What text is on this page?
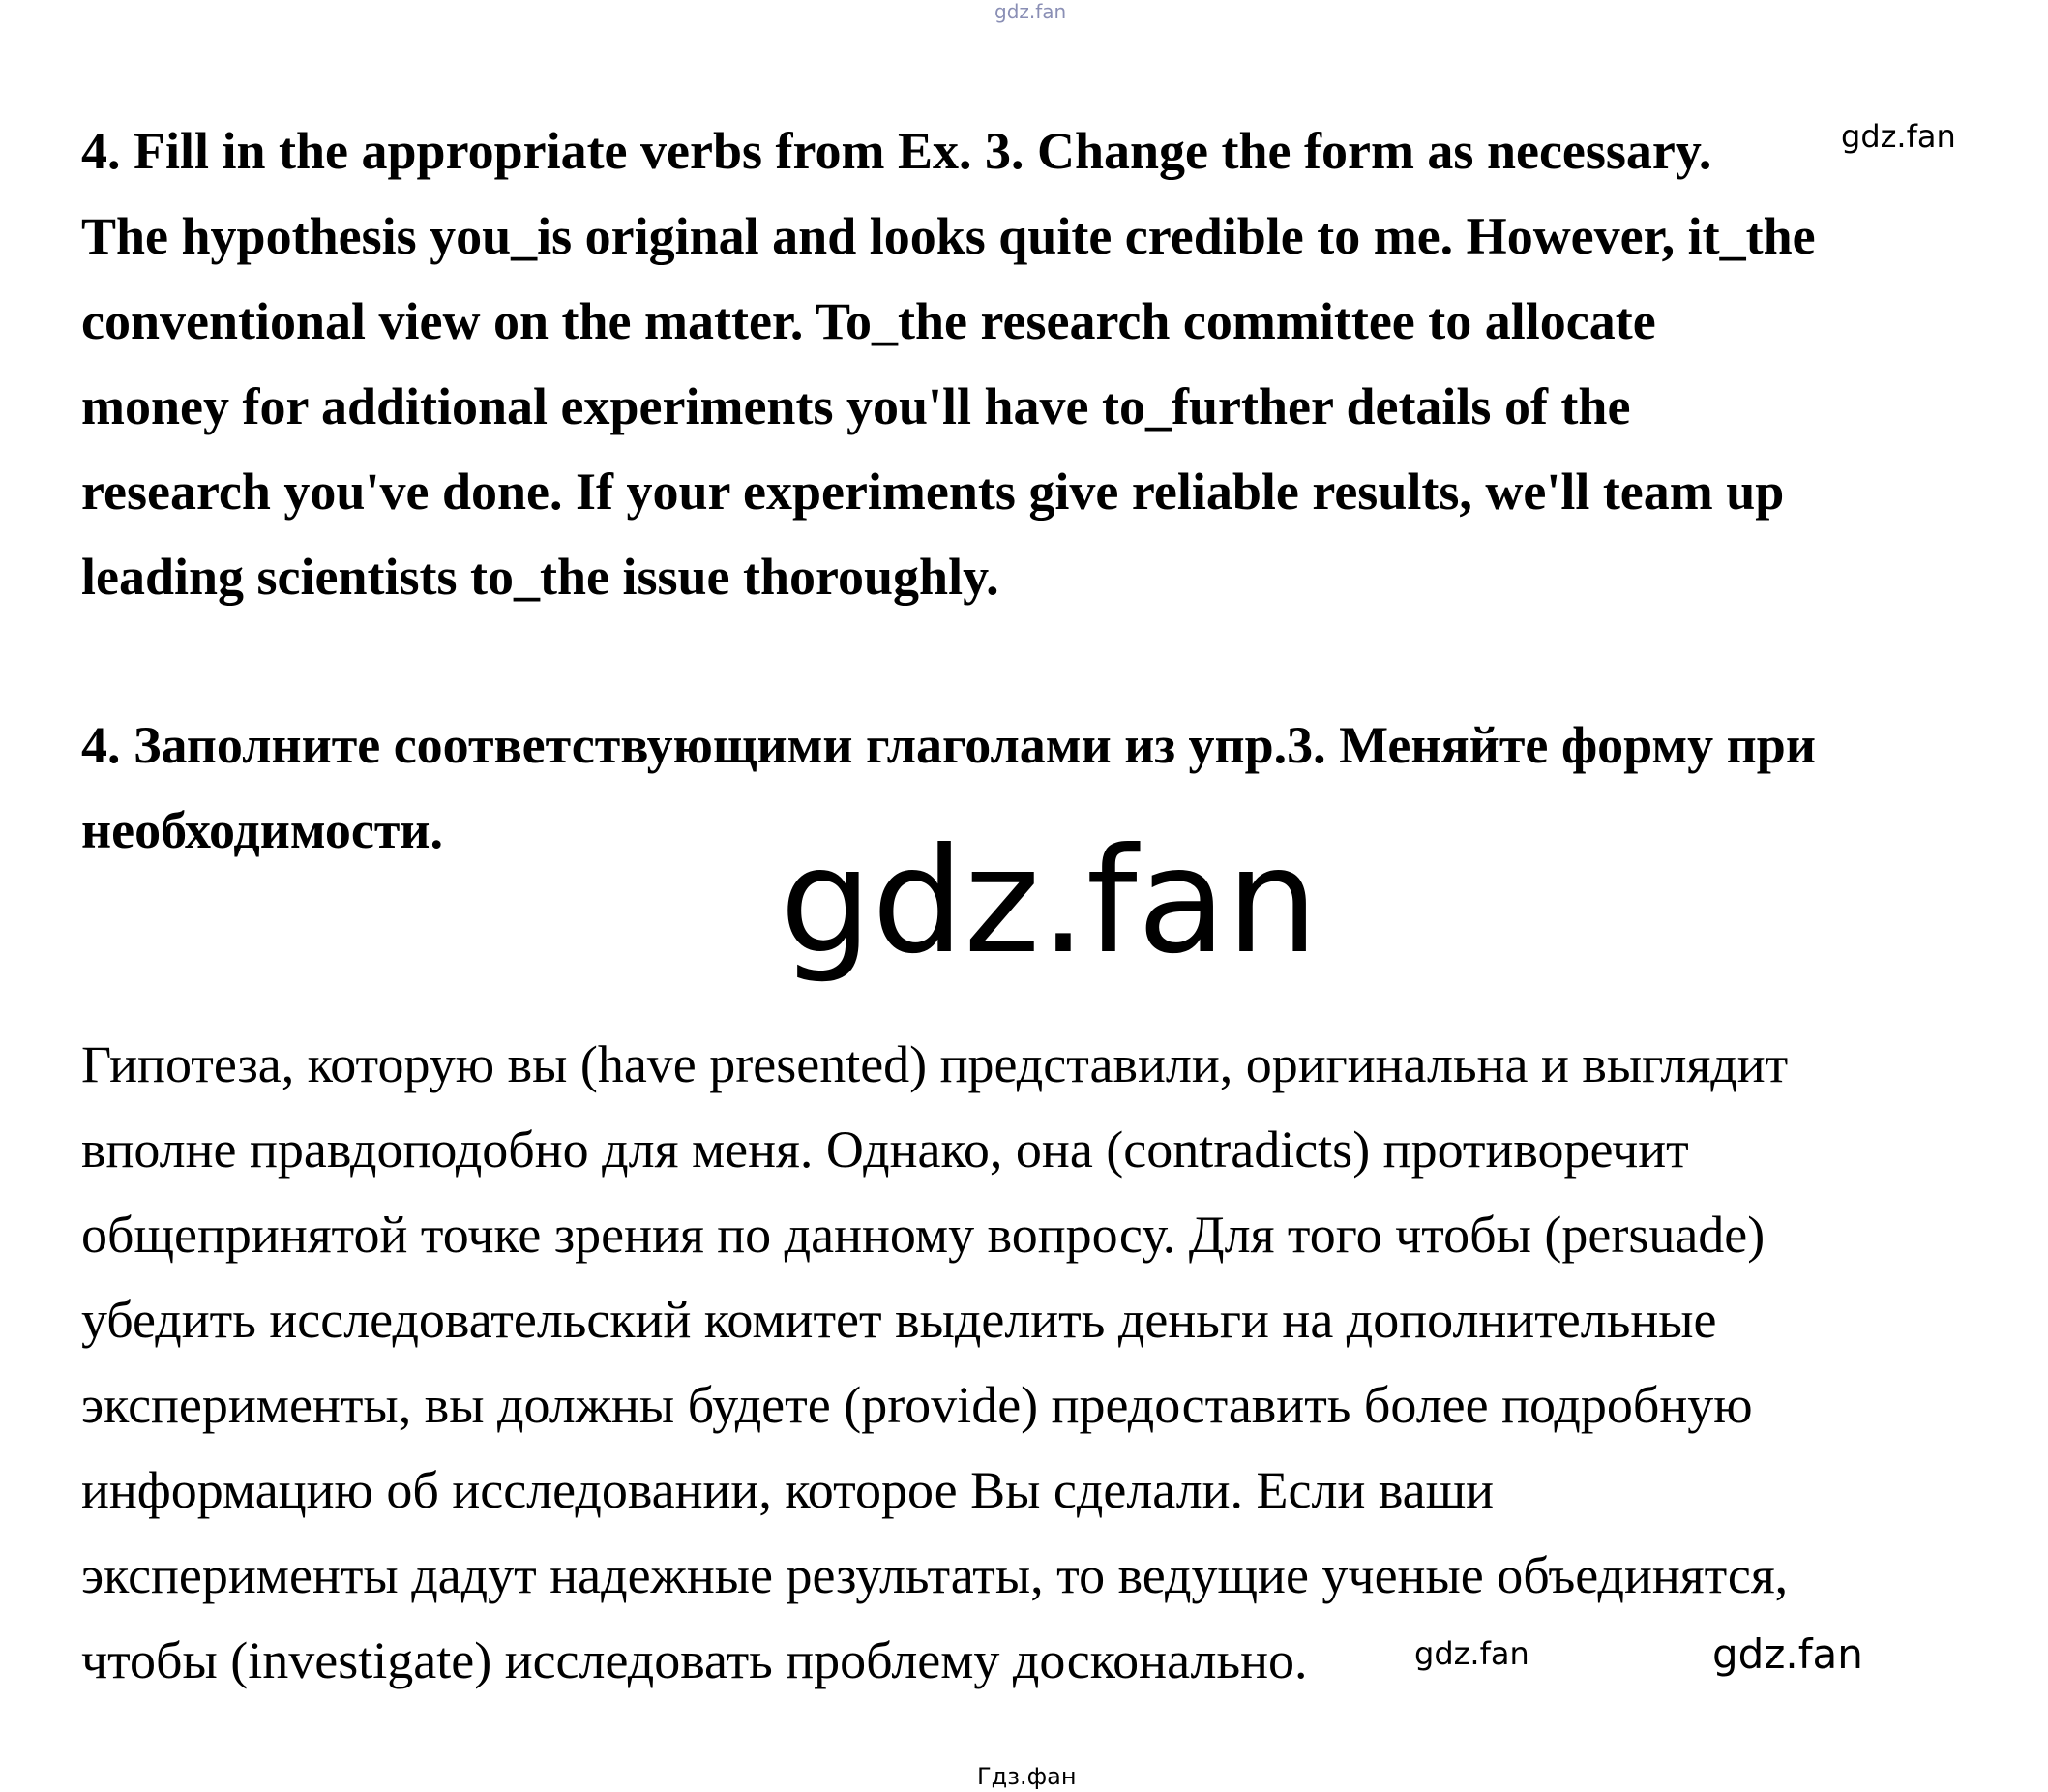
gdz.fan
4. Fill in the appropriate verbs from Ex. 3. Change the form as necessary.
The hypothesis you_is original and looks quite credible to me. However, it_the
conventional view on the matter. To_the research committee to allocate
money for additional experiments you'll have to_further details of the
research you've done. If your experiments give reliable results, we'll team up
leading scientists to_the issue thoroughly.
gdz.fan
4. Заполните соответствующими глаголами из упр.3. Меняйте форму при
необходимости.	gdz.fan
Гипотеза, которую вы (have presented) представили, оригинальна и выглядит
вполне правдоподобно для меня. Однако, она (contradicts) противоречит
общепринятой точке зрения по данному вопросу. Для того чтобы (persuade)
убедить исследовательский комитет выделить деньги на дополнительные
эксперименты, вы должны будете (provide) предоставить более подробную
информацию об исследовании, которое Вы сделали. Если ваши
эксперименты дадут надежные результаты, то ведущие ученые объединятся,
чтобы (investigate) исследовать проблему досконально.	gdz.fan	gdz.fan
Гдз.фан
